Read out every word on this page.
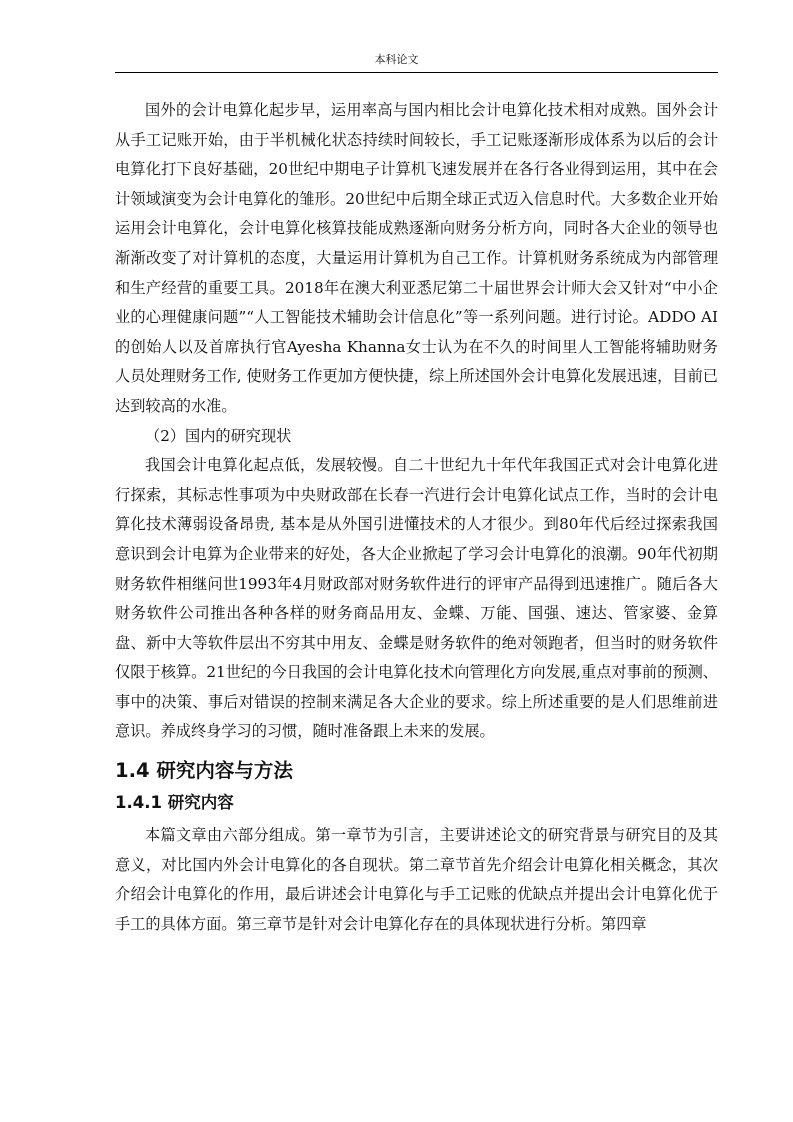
本科论文

国外的会计电算化起步早，运用率高与国内相比会计电算化技术相对成熟。国外会计从手工记账开始，由于半机械化状态持续时间较长，手工记账逐渐形成体系为以后的会计电算化打下良好基础，20世纪中期电子计算机飞速发展并在各行各业得到运用，其中在会计领域演变为会计电算化的雏形。20世纪中后期全球正式迈入信息时代。大多数企业开始运用会计电算化，会计电算化核算技能成熟逐渐向财务分析方向，同时各大企业的领导也渐渐改变了对计算机的态度，大量运用计算机为自己工作。计算机财务系统成为内部管理和生产经营的重要工具。2018年在澳大利亚悉尼第二十届世界会计师大会又针对“中小企业的心理健康问题”“人工智能技术辅助会计信息化”等一系列问题。进行讨论。ADDO AI的创始人以及首席执行官Ayesha Khanna女士认为在不久的时间里人工智能将辅助财务人员处理财务工作, 使财务工作更加方便快捷，综上所述国外会计电算化发展迅速，目前已达到较高的水准。

（2）国内的研究现状

我国会计电算化起点低，发展较慢。自二十世纪九十年代年我国正式对会计电算化进行探索，其标志性事项为中央财政部在长春一汽进行会计电算化试点工作，当时的会计电算化技术薄弱设备昂贵, 基本是从外国引进懂技术的人才很少。到80年代后经过探索我国意识到会计电算为企业带来的好处，各大企业掀起了学习会计电算化的浪潮。90年代初期财务软件相继问世1993年4月财政部对财务软件进行的评审产品得到迅速推广。随后各大财务软件公司推出各种各样的财务商品用友、金蝶、万能、国强、速达、管家婆、金算盘、新中大等软件层出不穷其中用友、金蝶是财务软件的绝对领跑者，但当时的财务软件仅限于核算。21世纪的今日我国的会计电算化技术向管理化方向发展,重点对事前的预测、事中的决策、事后对错误的控制来满足各大企业的要求。综上所述重要的是人们思维前进意识。养成终身学习的习惯，随时准备跟上未来的发展。

1.4 研究内容与方法
1.4.1 研究内容

本篇文章由六部分组成。第一章节为引言，主要讲述论文的研究背景与研究目的及其意义，对比国内外会计电算化的各自现状。第二章节首先介绍会计电算化相关概念，其次介绍会计电算化的作用，最后讲述会计电算化与手工记账的优缺点并提出会计电算化优于手工的具体方面。第三章节是针对会计电算化存在的具体现状进行分析。第四章
